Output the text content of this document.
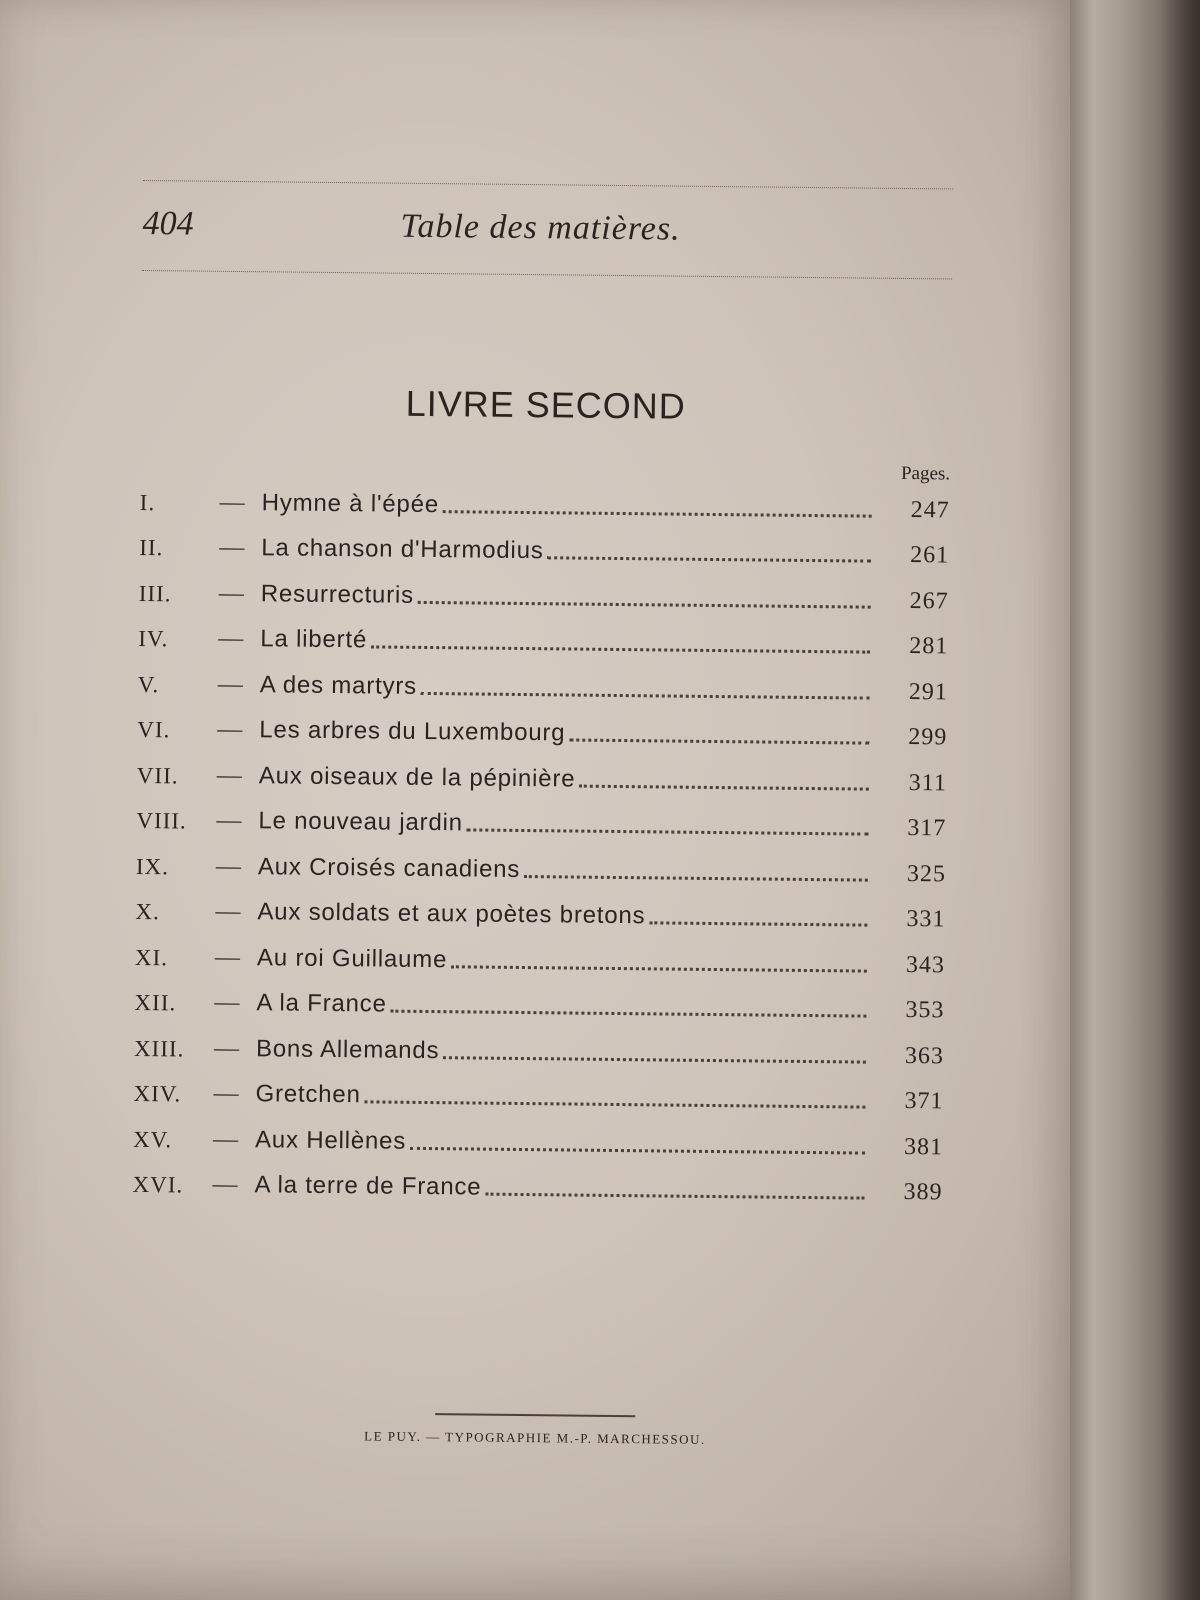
404	Table des matières.
LIVRE SECOND
Pages.
I.	— Hymne à l'épée	247
II.	— La chanson d'Harmodius	261
III.	— Resurrecturis	267
IV.	— La liberté	281
V.	— A des martyrs	291
VI.	— Les arbres du Luxembourg	299
VII.	— Aux oiseaux de la pépinière	311
VIII.	— Le nouveau jardin	317
IX.	— Aux Croisés canadiens	325
X.	— Aux soldats et aux poètes bretons	331
XI.	— Au roi Guillaume	343
XII.	— A la France	353
XIII.	— Bons Allemands	363
XIV.	— Gretchen	371
XV.	— Aux Hellènes	381
XVI.	— A la terre de France	389
LE PUY. — TYPOGRAPHIE M.-P. MARCHESSOU.
